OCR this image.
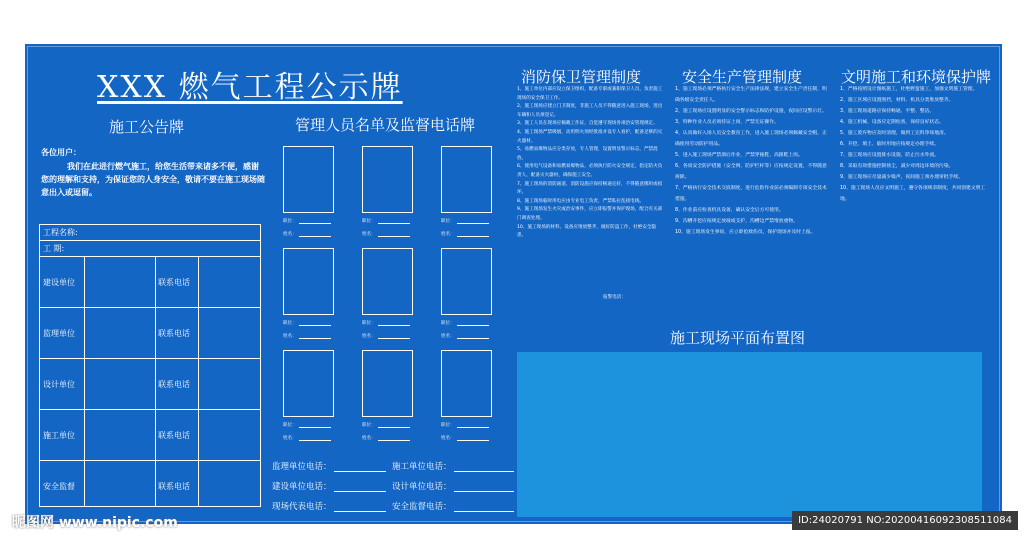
XXX 燃气工程公示牌
施工公告牌
各位用户：
我们在此进行燃气施工，给您生活带来诸多不便，感谢您的理解和支持，为保证您的人身安全，敬请不要在施工现场随意出入或逗留。
工程名称:
工 期:
建设单位	联系电话
监理单位	联系电话
设计单位	联系电话
施工单位	联系电话
安全监督	联系电话
管理人员名单及监督电话牌
职位：
姓名：
职位：
姓名：
职位：
姓名：
职位：
姓名：
职位：
姓名：
职位：
姓名：
职位：
姓名：
职位：
姓名：
职位：
姓名：
监理单位电话：	施工单位电话：
建设单位电话：	设计单位电话：
现场代表电话：	安全监督电话：
消防保卫管理制度
1、施工单位内部应设立保卫组织，配备专职或兼职保卫人员，负责施工现场的安全保卫工作。
2、施工现场应建立门卫制度，非施工人员不得随意进入施工现场，进出车辆和人员须登记。
3、施工人员在现场应佩戴工作证，自觉遵守现场各项治安管理规定。
4、施工现场严禁吸烟，动用明火须经批准并设专人看护，配备足够的灭火器材。
5、易燃易爆物品应分类存放，专人管理，设置明显警示标志，严禁混放。
6、使用电气设备和易燃易爆物品，必须执行防火安全规定，指定防火负责人，配备灭火器材，确保施工安全。
7、施工现场的消防通道、消防设施应保持畅通完好，不得随意挪用或损坏。
8、施工现场临时用电应由专业电工负责，严禁私拉乱接电线。
9、施工现场发生火灾或治安事件，应立即报警并保护现场，配合有关部门调查处理。
10、施工现场的材料、设备应堆放整齐，做好防盗工作，杜绝安全隐患。
报警电话：
安全生产管理制度
1、施工现场必须严格执行安全生产法律法规，建立安全生产责任制，明确各级安全责任人。
2、施工现场应设置明显的安全警示标志和防护设施，夜间应设警示灯。
3、特种作业人员必须持证上岗，严禁无证操作。
4、认真做好入场人员安全教育工作，进入施工现场必须佩戴安全帽，正确使用劳动防护用品。
5、进入施工现场严禁酒后作业，严禁穿拖鞋、高跟鞋上岗。
6、各项安全防护措施（安全网、防护栏杆等）应按规定设置，不得随意拆除。
7、严格执行安全技术交底制度，进行危险作业前必须编制专项安全技术措施。
8、作业前应检查机具设备，确认安全后方可使用。
9、沟槽开挖应按规定放坡或支护，沟槽边严禁堆放重物。
10、施工现场发生事故，应立即抢救伤员，保护现场并及时上报。
文明施工和环境保护牌
1、严格按照设计图纸施工，杜绝野蛮施工，加强文明施工管理。
2、施工区域应设置围挡，材料、机具分类堆放整齐。
3、施工现场道路应保持畅通、平整、整洁。
4、施工机械、设备应定期检查，保持良好状态。
5、施工废弃物应及时清理，做到工完料净场地清。
6、开挖、填土、临时用地应按规定办理手续。
7、施工现场应设置排水设施，防止污水外流。
8、采取有效措施控制扬尘，减少对周边环境的污染。
9、施工现场应尽量减少噪声，夜间施工须办理审批手续。
10、施工现场人员应文明施工，遵守各项规章制度，共同创建文明工地。
施工现场平面布置图
昵图网 www.nipic.com	ID:24020791 NO:20200416092308511084
